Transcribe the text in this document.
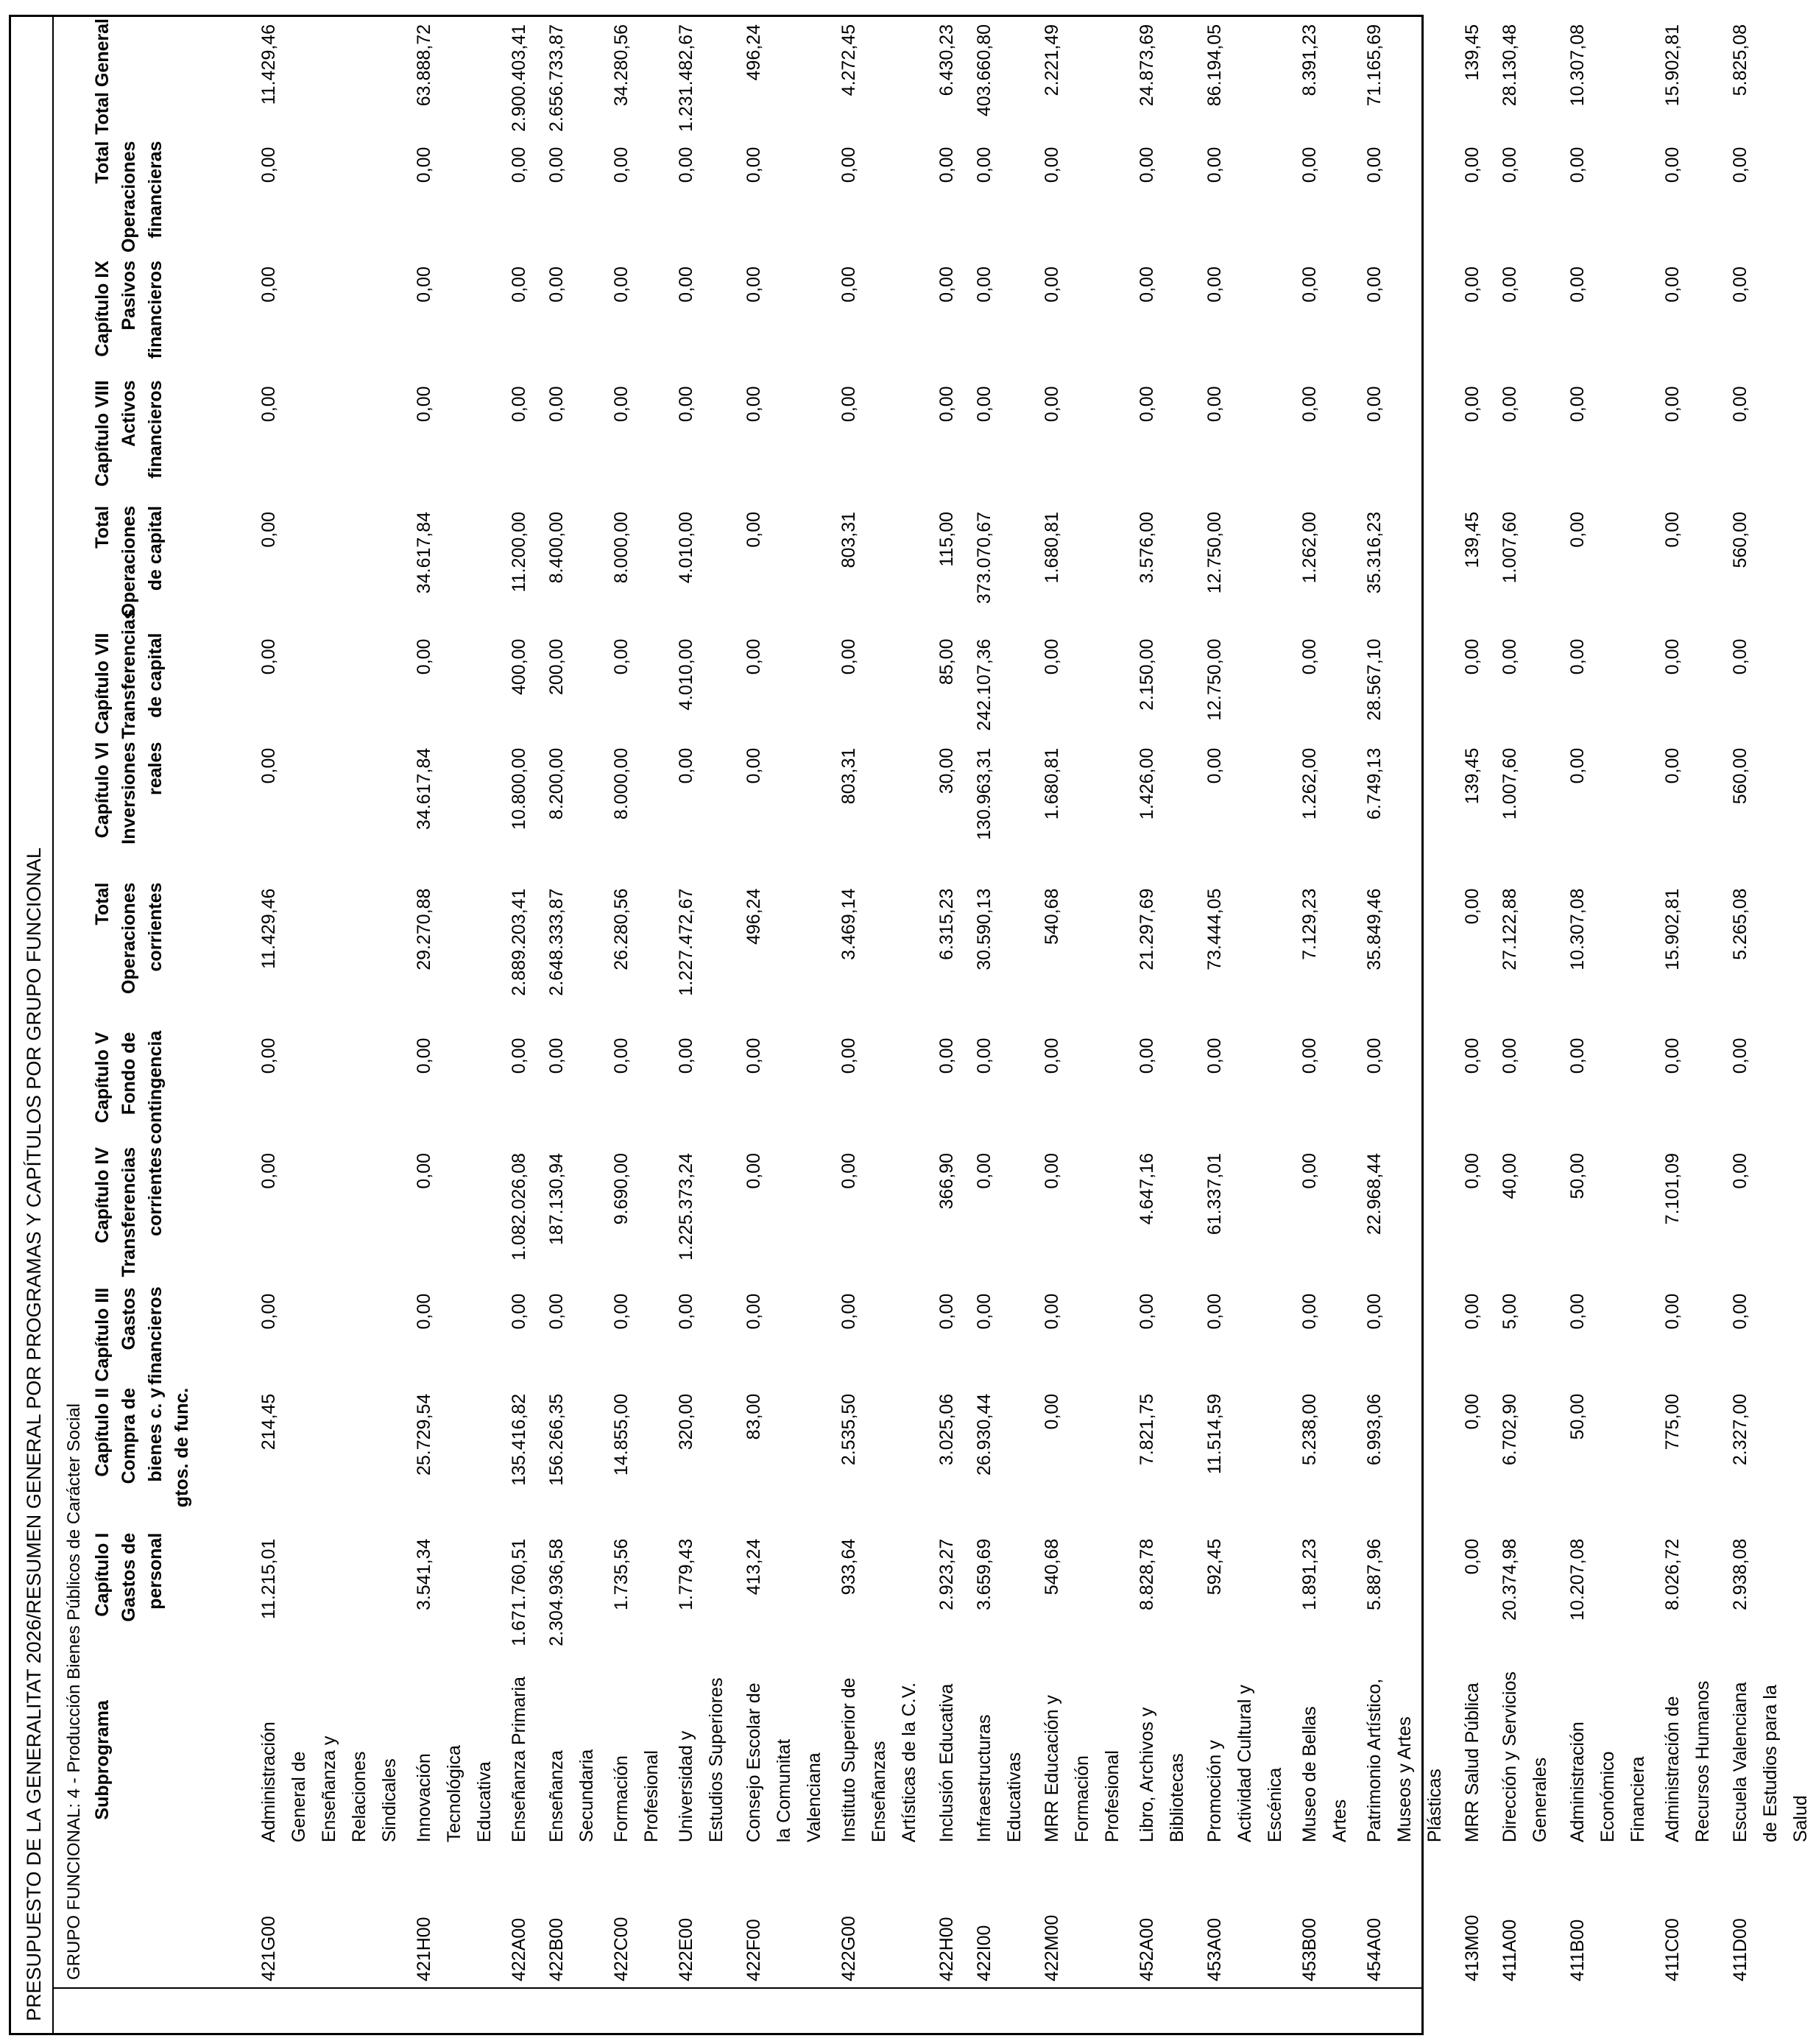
PRESUPUESTO DE LA GENERALITAT 2026/RESUMEN GENERAL POR PROGRAMAS Y CAPÍTULOS POR GRUPO FUNCIONAL	GRUPO FUNCIONAL: 4 - Producción Bienes Públicos de Carácter Social
	Subprograma	Capítulo I Gastos de personal	Capítulo II Compra de bienes c. y gtos. de func.	Capítulo III Gastos financieros	Capítulo IV Transferencias corrientes	Capítulo V Fondo de contingencia	Total Operaciones corrientes	Capítulo VI Inversiones reales	Capítulo VII Transferencias de capital	Total Operaciones de capital	Capítulo VIII Activos financieros	Capítulo IX Pasivos financieros	Total Operaciones financieras	Total General
421G00	Administración General de Enseñanza y Relaciones Sindicales	11.215,01	214,45	0,00	0,00	0,00	11.429,46	0,00	0,00	0,00	0,00	0,00	0,00	11.429,46
421H00	Innovación Tecnológica Educativa	3.541,34	25.729,54	0,00	0,00	0,00	29.270,88	34.617,84	0,00	34.617,84	0,00	0,00	0,00	63.888,72
422A00	Enseñanza Primaria	1.671.760,51	135.416,82	0,00	1.082.026,08	0,00	2.889.203,41	10.800,00	400,00	11.200,00	0,00	0,00	0,00	2.900.403,41
422B00	Enseñanza Secundaria	2.304.936,58	156.266,35	0,00	187.130,94	0,00	2.648.333,87	8.200,00	200,00	8.400,00	0,00	0,00	0,00	2.656.733,87
422C00	Formación Profesional	1.735,56	14.855,00	0,00	9.690,00	0,00	26.280,56	8.000,00	0,00	8.000,00	0,00	0,00	0,00	34.280,56
422E00	Universidad y Estudios Superiores	1.779,43	320,00	0,00	1.225.373,24	0,00	1.227.472,67	0,00	4.010,00	4.010,00	0,00	0,00	0,00	1.231.482,67
422F00	Consejo Escolar de la Comunitat Valenciana	413,24	83,00	0,00	0,00	0,00	496,24	0,00	0,00	0,00	0,00	0,00	0,00	496,24
422G00	Instituto Superior de Enseñanzas Artísticas de la C.V.	933,64	2.535,50	0,00	0,00	0,00	3.469,14	803,31	0,00	803,31	0,00	0,00	0,00	4.272,45
422H00	Inclusión Educativa	2.923,27	3.025,06	0,00	366,90	0,00	6.315,23	30,00	85,00	115,00	0,00	0,00	0,00	6.430,23
422I00	Infraestructuras Educativas	3.659,69	26.930,44	0,00	0,00	0,00	30.590,13	130.963,31	242.107,36	373.070,67	0,00	0,00	0,00	403.660,80
422M00	MRR Educación y Formación Profesional	540,68	0,00	0,00	0,00	0,00	540,68	1.680,81	0,00	1.680,81	0,00	0,00	0,00	2.221,49
452A00	Libro, Archivos y Bibliotecas	8.828,78	7.821,75	0,00	4.647,16	0,00	21.297,69	1.426,00	2.150,00	3.576,00	0,00	0,00	0,00	24.873,69
453A00	Promoción y Actividad Cultural y Escénica	592,45	11.514,59	0,00	61.337,01	0,00	73.444,05	0,00	12.750,00	12.750,00	0,00	0,00	0,00	86.194,05
453B00	Museo de Bellas Artes	1.891,23	5.238,00	0,00	0,00	0,00	7.129,23	1.262,00	0,00	1.262,00	0,00	0,00	0,00	8.391,23
454A00	Patrimonio Artístico, Museos y Artes Plásticas	5.887,96	6.993,06	0,00	22.968,44	0,00	35.849,46	6.749,13	28.567,10	35.316,23	0,00	0,00	0,00	71.165,69
413M00	MRR Salud Pública	0,00	0,00	0,00	0,00	0,00	0,00	139,45	0,00	139,45	0,00	0,00	0,00	139,45
411A00	Dirección y Servicios Generales	20.374,98	6.702,90	5,00	40,00	0,00	27.122,88	1.007,60	0,00	1.007,60	0,00	0,00	0,00	28.130,48
411B00	Administración Económico Financiera	10.207,08	50,00	0,00	50,00	0,00	10.307,08	0,00	0,00	0,00	0,00	0,00	0,00	10.307,08
411C00	Administración de Recursos Humanos	8.026,72	775,00	0,00	7.101,09	0,00	15.902,81	0,00	0,00	0,00	0,00	0,00	0,00	15.902,81
411D00	Escuela Valenciana de Estudios para la Salud	2.938,08	2.327,00	0,00	0,00	0,00	5.265,08	560,00	0,00	560,00	0,00	0,00	0,00	5.825,08
